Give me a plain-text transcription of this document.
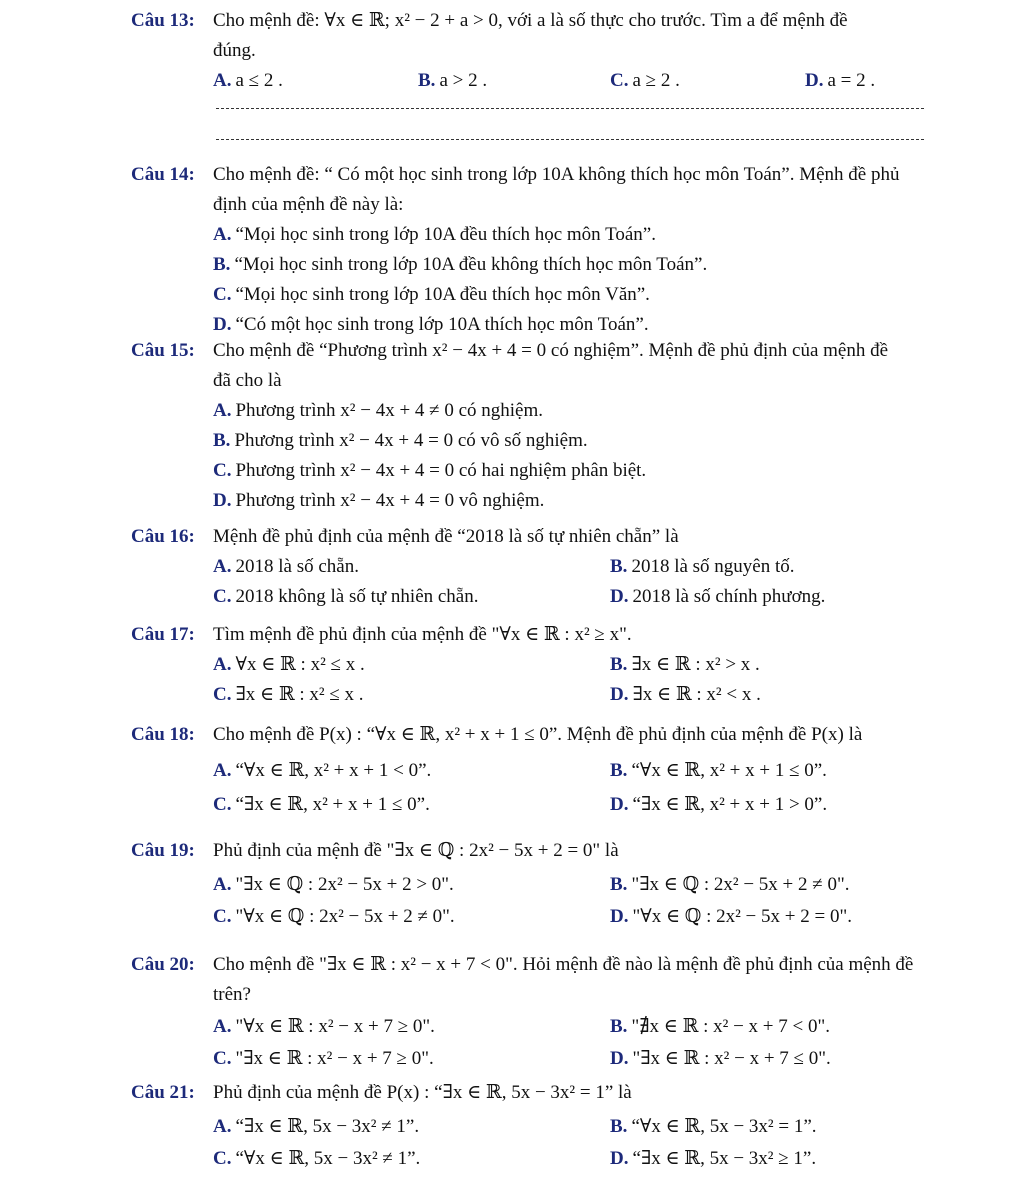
Câu 13: Cho mệnh đề: ∀x ∈ ℝ; x² − 2 + a > 0, với a là số thực cho trước. Tìm a để mệnh đề
đúng.
A. a ≤ 2 .	B. a > 2 .	C. a ≥ 2 .	D. a = 2 .
Câu 14: Cho mệnh đề: “ Có một học sinh trong lớp 10A không thích học môn Toán”. Mệnh đề phủ
định của mệnh đề này là:
A. “Mọi học sinh trong lớp 10A đều thích học môn Toán”.
B. “Mọi học sinh trong lớp 10A đều không thích học môn Toán”.
C. “Mọi học sinh trong lớp 10A đều thích học môn Văn”.
D. “Có một học sinh trong lớp 10A thích học môn Toán”.
Câu 15: Cho mệnh đề “Phương trình x² − 4x + 4 = 0 có nghiệm”. Mệnh đề phủ định của mệnh đề
đã cho là
A. Phương trình x² − 4x + 4 ≠ 0 có nghiệm.
B. Phương trình x² − 4x + 4 = 0 có vô số nghiệm.
C. Phương trình x² − 4x + 4 = 0 có hai nghiệm phân biệt.
D. Phương trình x² − 4x + 4 = 0 vô nghiệm.
Câu 16: Mệnh đề phủ định của mệnh đề “2018 là số tự nhiên chẵn” là
A. 2018 là số chẵn.	B. 2018 là số nguyên tố.
C. 2018 không là số tự nhiên chẵn.	D. 2018 là số chính phương.
Câu 17: Tìm mệnh đề phủ định của mệnh đề "∀x ∈ ℝ : x² ≥ x".
A. ∀x ∈ ℝ : x² ≤ x .	B. ∃x ∈ ℝ : x² > x .
C. ∃x ∈ ℝ : x² ≤ x .	D. ∃x ∈ ℝ : x² < x .
Câu 18: Cho mệnh đề P(x) : “∀x ∈ ℝ, x² + x + 1 ≤ 0”. Mệnh đề phủ định của mệnh đề P(x) là
A. “∀x ∈ ℝ, x² + x + 1 < 0”.	B. “∀x ∈ ℝ, x² + x + 1 ≤ 0”.
C. “∃x ∈ ℝ, x² + x + 1 ≤ 0”.	D. “∃x ∈ ℝ, x² + x + 1 > 0”.
Câu 19: Phủ định của mệnh đề "∃x ∈ ℚ : 2x² − 5x + 2 = 0" là
A. "∃x ∈ ℚ : 2x² − 5x + 2 > 0".	B. "∃x ∈ ℚ : 2x² − 5x + 2 ≠ 0".
C. "∀x ∈ ℚ : 2x² − 5x + 2 ≠ 0".	D. "∀x ∈ ℚ : 2x² − 5x + 2 = 0".
Câu 20: Cho mệnh đề "∃x ∈ ℝ : x² − x + 7 < 0". Hỏi mệnh đề nào là mệnh đề phủ định của mệnh đề
trên?
A. "∀x ∈ ℝ : x² − x + 7 ≥ 0".	B. "∄x ∈ ℝ : x² − x + 7 < 0".
C. "∃x ∈ ℝ : x² − x + 7 ≥ 0".	D. "∃x ∈ ℝ : x² − x + 7 ≤ 0".
Câu 21: Phủ định của mệnh đề P(x) : “∃x ∈ ℝ, 5x − 3x² = 1” là
A. “∃x ∈ ℝ, 5x − 3x² ≠ 1”.	B. “∀x ∈ ℝ, 5x − 3x² = 1”.
C. “∀x ∈ ℝ, 5x − 3x² ≠ 1”.	D. “∃x ∈ ℝ, 5x − 3x² ≥ 1”.
